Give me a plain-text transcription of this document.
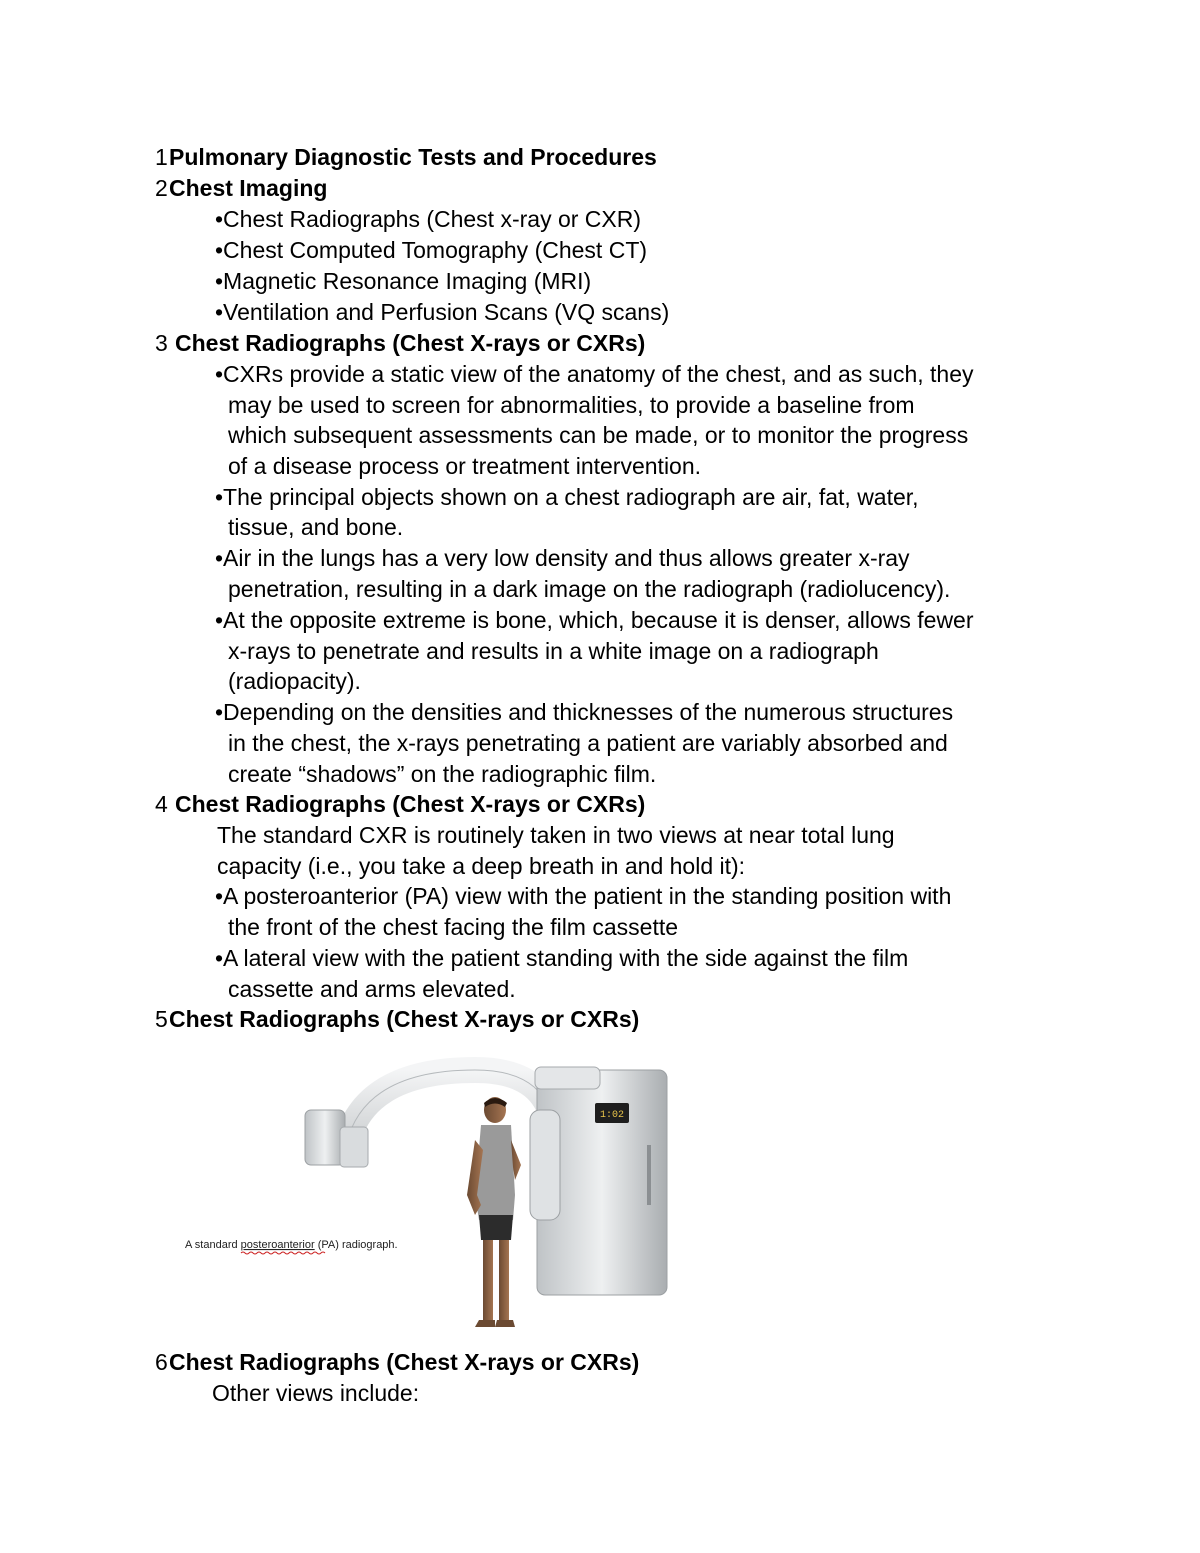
1 Pulmonary Diagnostic Tests and Procedures
2 Chest Imaging
•Chest Radiographs (Chest x-ray or CXR)
•Chest Computed Tomography (Chest CT)
•Magnetic Resonance Imaging (MRI)
•Ventilation and Perfusion Scans (VQ scans)
3 Chest Radiographs (Chest X-rays or CXRs)
•CXRs provide a static view of the anatomy of the chest, and as such, they
may be used to screen for abnormalities, to provide a baseline from
which subsequent assessments can be made, or to monitor the progress
of a disease process or treatment intervention.
•The principal objects shown on a chest radiograph are air, fat, water,
tissue, and bone.
•Air in the lungs has a very low density and thus allows greater x-ray
penetration, resulting in a dark image on the radiograph (radiolucency).
•At the opposite extreme is bone, which, because it is denser, allows fewer
x-rays to penetrate and results in a white image on a radiograph
(radiopacity).
•Depending on the densities and thicknesses of the numerous structures
in the chest, the x-rays penetrating a patient are variably absorbed and
create “shadows” on the radiographic film.
4 Chest Radiographs (Chest X-rays or CXRs)
The standard CXR is routinely taken in two views at near total lung
capacity (i.e., you take a deep breath in and hold it):
•A posteroanterior (PA) view with the patient in the standing position with
the front of the chest facing the film cassette
•A lateral view with the patient standing with the side against the film
cassette and arms elevated.
5 Chest Radiographs (Chest X-rays or CXRs)
1:02
A standard posteroanterior (PA) radiograph.
6 Chest Radiographs (Chest X-rays or CXRs)
Other views include:
